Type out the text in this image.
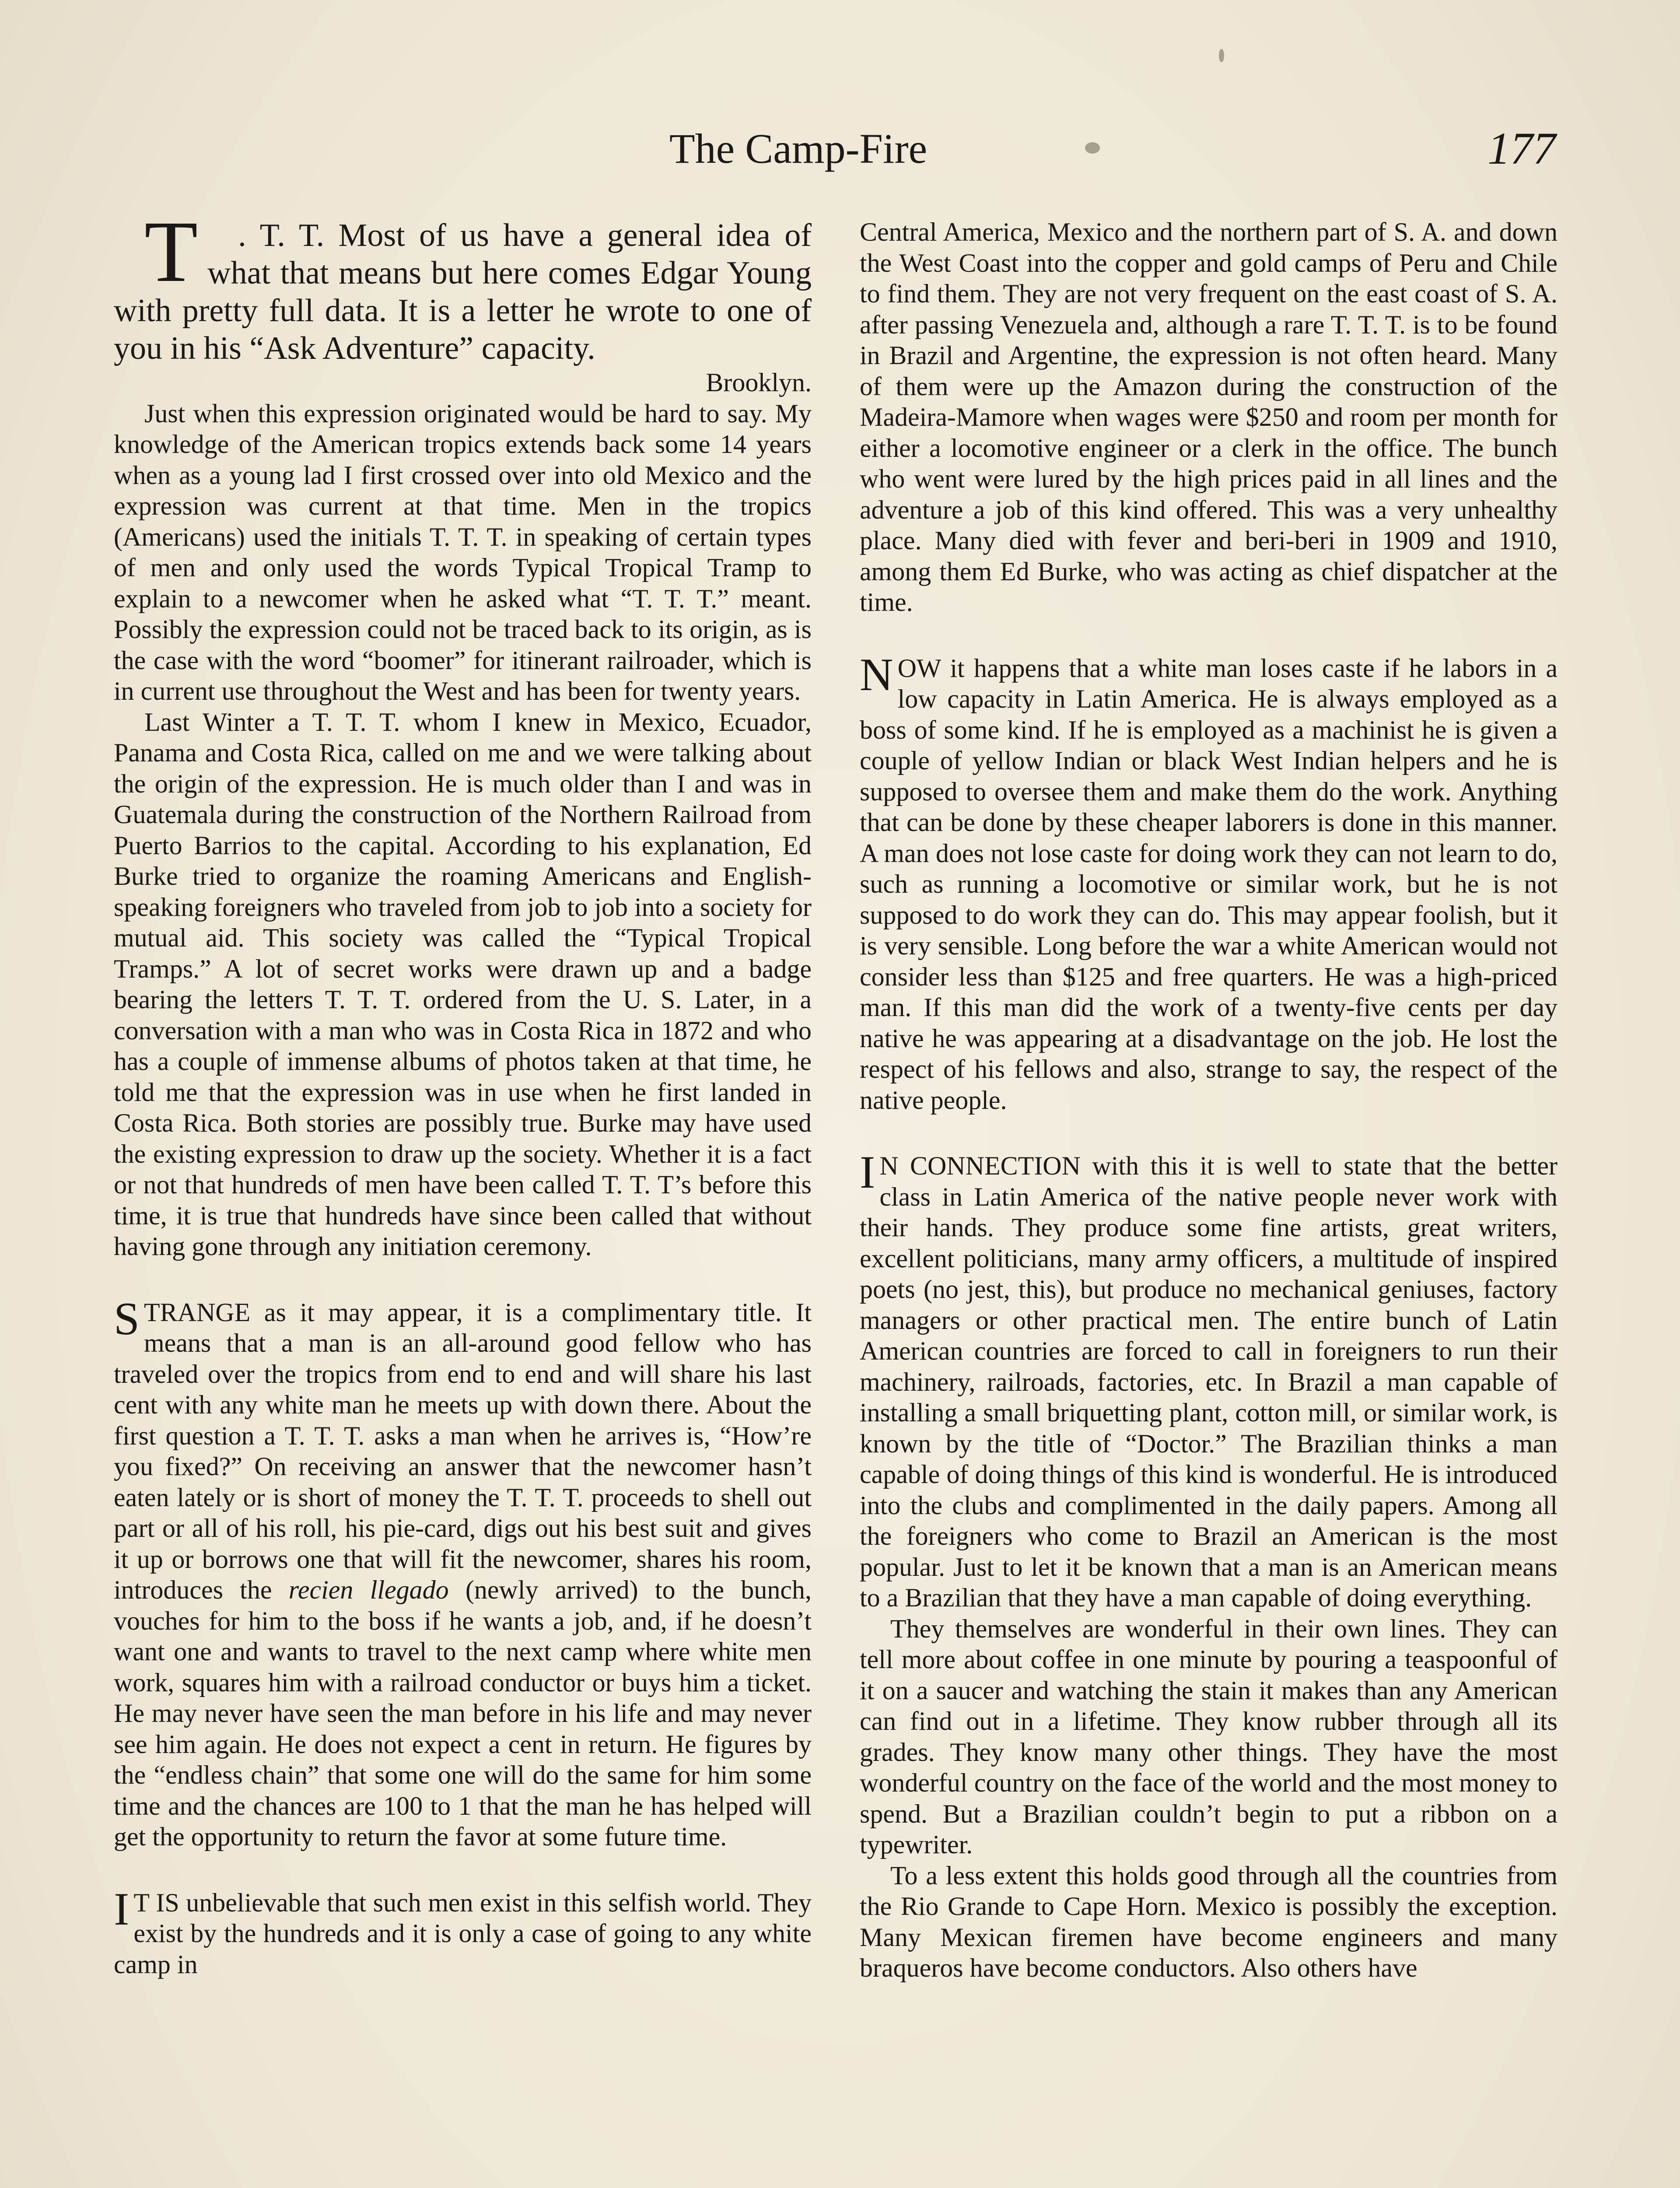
The Camp-Fire	177

T . T. T. Most of us have a general idea of what that means but here comes Edgar Young with pretty full data. It is a letter he wrote to one of you in his “Ask Adventure” capacity.

Brooklyn.

Just when this expression originated would be hard to say. My knowledge of the American tropics extends back some 14 years when as a young lad I first crossed over into old Mexico and the expression was current at that time. Men in the tropics (Americans) used the initials T. T. T. in speaking of certain types of men and only used the words Typical Tropical Tramp to explain to a newcomer when he asked what “T. T. T.” meant. Possibly the expression could not be traced back to its origin, as is the case with the word “boomer” for itinerant railroader, which is in current use throughout the West and has been for twenty years.

Last Winter a T. T. T. whom I knew in Mexico, Ecuador, Panama and Costa Rica, called on me and we were talking about the origin of the expression. He is much older than I and was in Guatemala during the construction of the Northern Railroad from Puerto Barrios to the capital. According to his explanation, Ed Burke tried to organize the roaming Americans and English-speaking foreigners who traveled from job to job into a society for mutual aid. This society was called the “Typical Tropical Tramps.” A lot of secret works were drawn up and a badge bearing the letters T. T. T. ordered from the U. S. Later, in a conversation with a man who was in Costa Rica in 1872 and who has a couple of immense albums of photos taken at that time, he told me that the expression was in use when he first landed in Costa Rica. Both stories are possibly true. Burke may have used the existing expression to draw up the society. Whether it is a fact or not that hundreds of men have been called T. T. T’s before this time, it is true that hundreds have since been called that without having gone through any initiation ceremony.

STRANGE as it may appear, it is a complimentary title. It means that a man is an all-around good fellow who has traveled over the tropics from end to end and will share his last cent with any white man he meets up with down there. About the first question a T. T. T. asks a man when he arrives is, “How’re you fixed?” On receiving an answer that the newcomer hasn’t eaten lately or is short of money the T. T. T. proceeds to shell out part or all of his roll, his pie-card, digs out his best suit and gives it up or borrows one that will fit the newcomer, shares his room, introduces the recien llegado (newly arrived) to the bunch, vouches for him to the boss if he wants a job, and, if he doesn’t want one and wants to travel to the next camp where white men work, squares him with a railroad conductor or buys him a ticket. He may never have seen the man before in his life and may never see him again. He does not expect a cent in return. He figures by the “endless chain” that some one will do the same for him some time and the chances are 100 to 1 that the man he has helped will get the opportunity to return the favor at some future time.

I T IS unbelievable that such men exist in this selfish world. They exist by the hundreds and it is only a case of going to any white camp in

Central America, Mexico and the northern part of S. A. and down the West Coast into the copper and gold camps of Peru and Chile to find them. They are not very frequent on the east coast of S. A. after passing Venezuela and, although a rare T. T. T. is to be found in Brazil and Argentine, the expression is not often heard. Many of them were up the Amazon during the construction of the Madeira-Mamore when wages were $250 and room per month for either a locomotive engineer or a clerk in the office. The bunch who went were lured by the high prices paid in all lines and the adventure a job of this kind offered. This was a very unhealthy place. Many died with fever and beri-beri in 1909 and 1910, among them Ed Burke, who was acting as chief dispatcher at the time.

NOW it happens that a white man loses caste if he labors in a low capacity in Latin America. He is always employed as a boss of some kind. If he is employed as a machinist he is given a couple of yellow Indian or black West Indian helpers and he is supposed to oversee them and make them do the work. Anything that can be done by these cheaper laborers is done in this manner. A man does not lose caste for doing work they can not learn to do, such as running a locomotive or similar work, but he is not supposed to do work they can do. This may appear foolish, but it is very sensible. Long before the war a white American would not consider less than $125 and free quarters. He was a high-priced man. If this man did the work of a twenty-five cents per day native he was appearing at a disadvantage on the job. He lost the respect of his fellows and also, strange to say, the respect of the native people.

I N CONNECTION with this it is well to state that the better class in Latin America of the native people never work with their hands. They produce some fine artists, great writers, excellent politicians, many army officers, a multitude of inspired poets (no jest, this), but produce no mechanical geniuses, factory managers or other practical men. The entire bunch of Latin American countries are forced to call in foreigners to run their machinery, railroads, factories, etc. In Brazil a man capable of installing a small briquetting plant, cotton mill, or similar work, is known by the title of “Doctor.” The Brazilian thinks a man capable of doing things of this kind is wonderful. He is introduced into the clubs and complimented in the daily papers. Among all the foreigners who come to Brazil an American is the most popular. Just to let it be known that a man is an American means to a Brazilian that they have a man capable of doing everything.

They themselves are wonderful in their own lines. They can tell more about coffee in one minute by pouring a teaspoonful of it on a saucer and watching the stain it makes than any American can find out in a lifetime. They know rubber through all its grades. They know many other things. They have the most wonderful country on the face of the world and the most money to spend. But a Brazilian couldn’t begin to put a ribbon on a typewriter.

To a less extent this holds good through all the countries from the Rio Grande to Cape Horn. Mexico is possibly the exception. Many Mexican firemen have become engineers and many braqueros have become conductors. Also others have
